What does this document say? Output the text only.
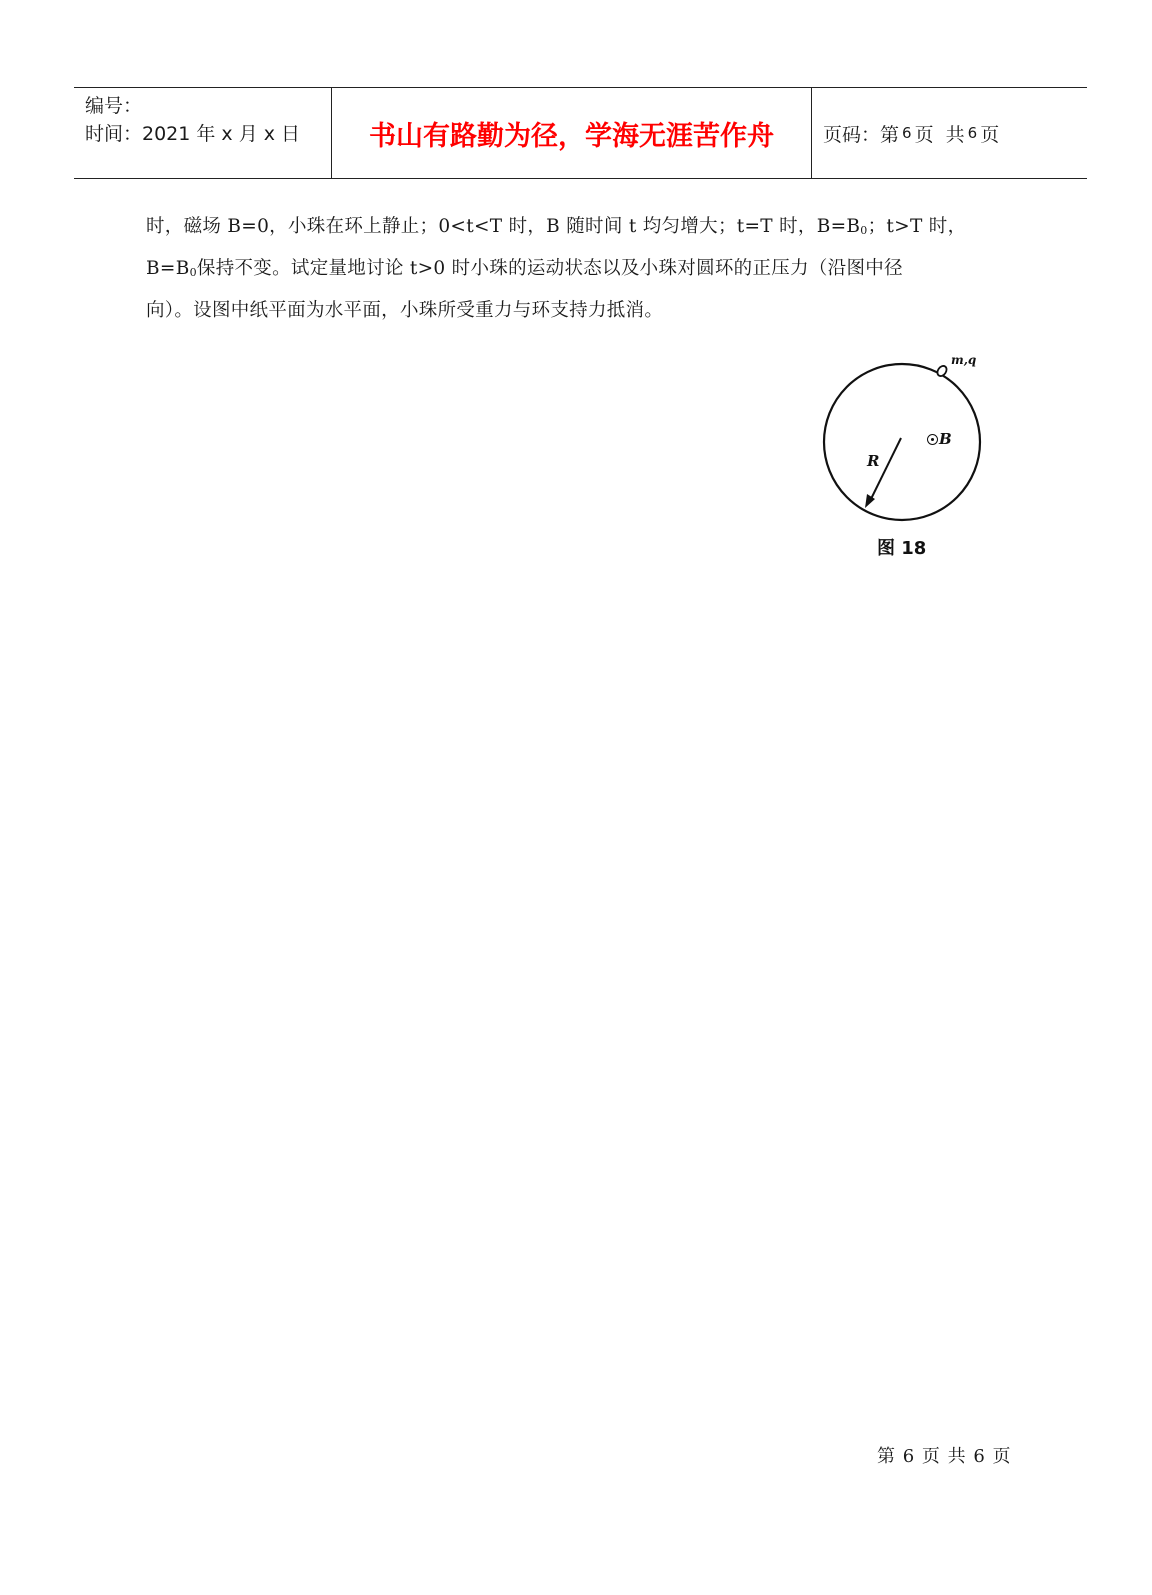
编号：
时间：2021 年 x 月 x 日	书山有路勤为径，学海无涯苦作舟	页码：第 6 页  共 6 页

时，磁场 B=0，小珠在环上静止；0<t<T 时，B 随时间 t 均匀增大；t=T 时，$B=B_0$；t>T 时，

$B=B_0$保持不变。试定量地讨论 t>0 时小珠的运动状态以及小珠对圆环的正压力（沿图中径

向）。设图中纸平面为水平面，小珠所受重力与环支持力抵消。

m,q
B
R
图 18
第 6 页 共 6 页
